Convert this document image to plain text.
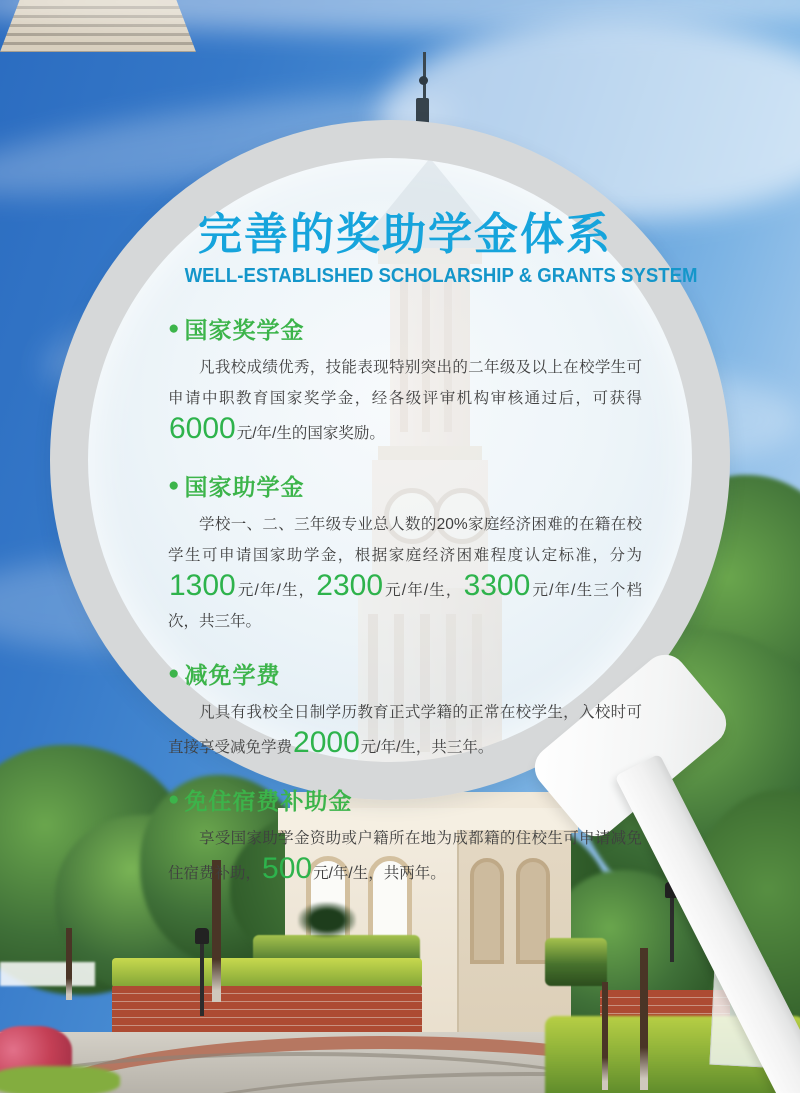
完善的奖助学金体系
WELL-ESTABLISHED SCHOLARSHIP & GRANTS SYSTEM
● 国家奖学金

凡我校成绩优秀，技能表现特别突出的二年级及以上在校学生可申请中职教育国家奖学金，经各级评审机构审核通过后，可获得6000元/年/生的国家奖励。

● 国家助学金

学校一、二、三年级专业总人数的20%家庭经济困难的在籍在校学生可申请国家助学金，根据家庭经济困难程度认定标准，分为1300元/年/生，2300元/年/生，3300元/年/生三个档次，共三年。

● 减免学费

凡具有我校全日制学历教育正式学籍的正常在校学生，入校时可直接享受减免学费2000元/年/生，共三年。

● 免住宿费补助金

享受国家助学金资助或户籍所在地为成都籍的住校生可申请减免住宿费补助，500元/年/生，共两年。
